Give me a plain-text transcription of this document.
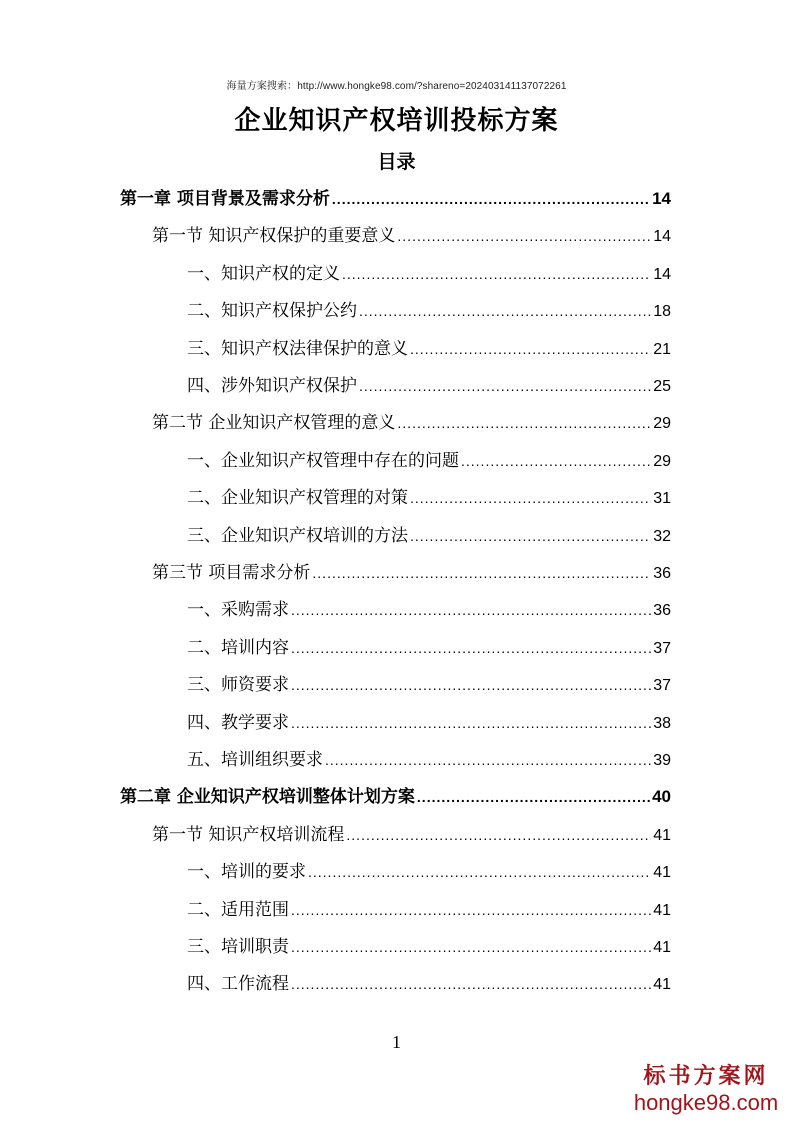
海量方案搜索：http://www.hongke98.com/?shareno=202403141137072261
企业知识产权培训投标方案
目录
第一章 项目背景及需求分析 .....	14
第一节 知识产权保护的重要意义 .....	14
一、知识产权的定义 .....	14
二、知识产权保护公约 .....	18
三、知识产权法律保护的意义 .....	21
四、涉外知识产权保护 .....	25
第二节 企业知识产权管理的意义 .....	29
一、企业知识产权管理中存在的问题 .....	29
二、企业知识产权管理的对策 .....	31
三、企业知识产权培训的方法 .....	32
第三节 项目需求分析 .....	36
一、采购需求 .....	36
二、培训内容 .....	37
三、师资要求 .....	37
四、教学要求 .....	38
五、培训组织要求 .....	39
第二章 企业知识产权培训整体计划方案 .....	40
第一节 知识产权培训流程 .....	41
一、培训的要求 .....	41
二、适用范围 .....	41
三、培训职责 .....	41
四、工作流程 .....	41
1
标书方案网
hongke98.com
